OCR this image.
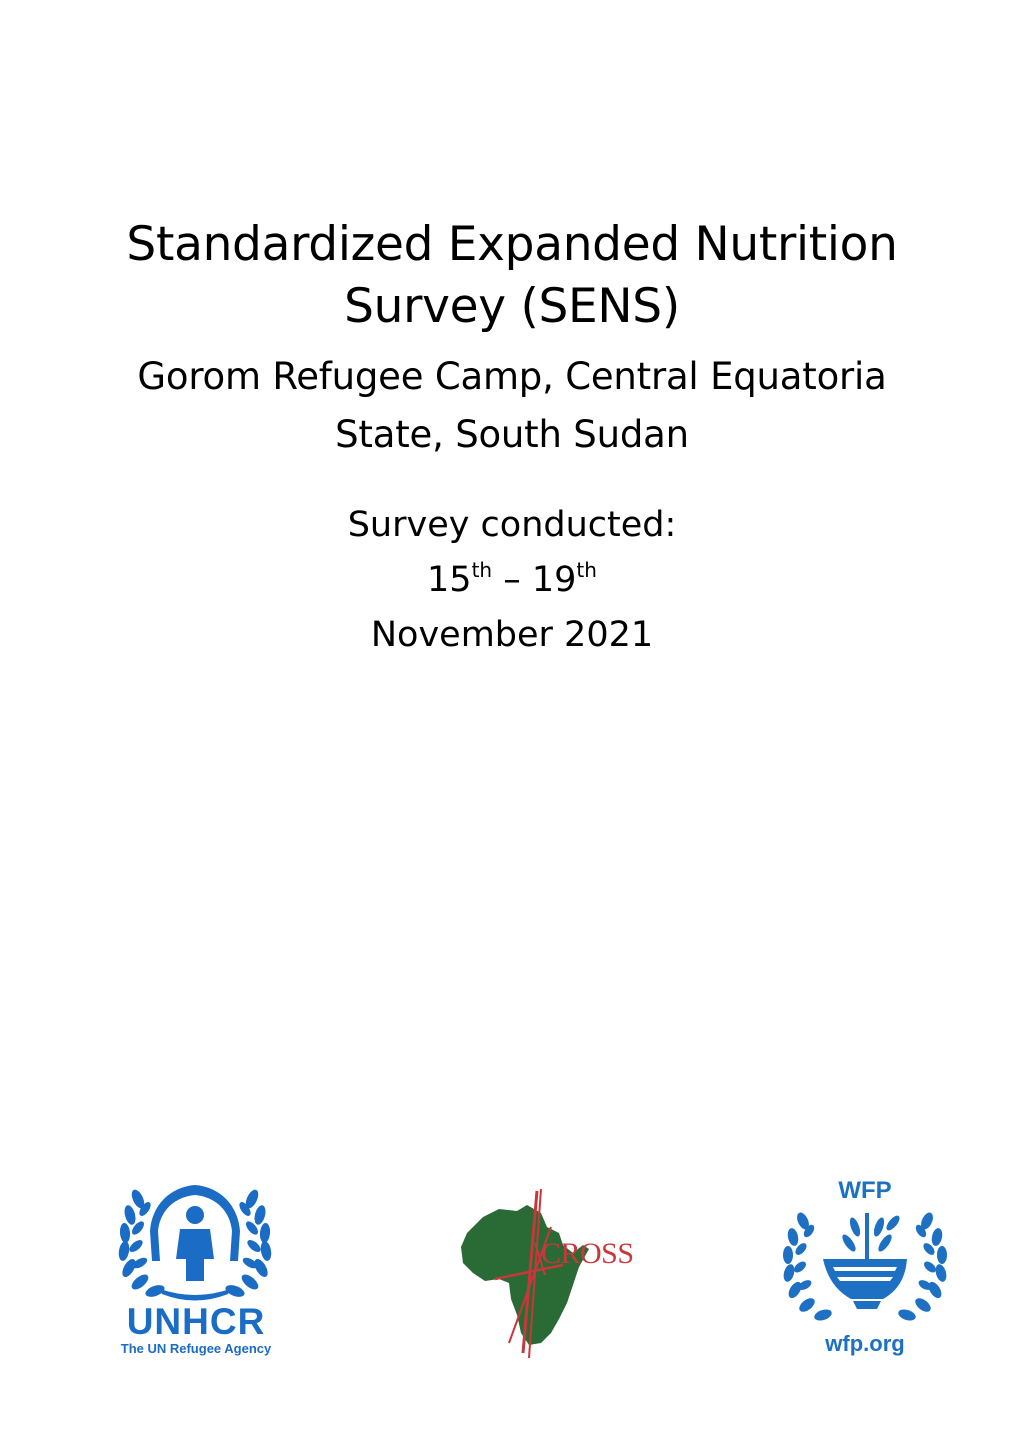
Standardized Expanded Nutrition
Survey (SENS)
Gorom Refugee Camp, Central Equatoria
State, South Sudan
Survey conducted:
15th – 19th
November 2021
UNHCR
The UN Refugee Agency
CROSS
WFP
wfp.org
